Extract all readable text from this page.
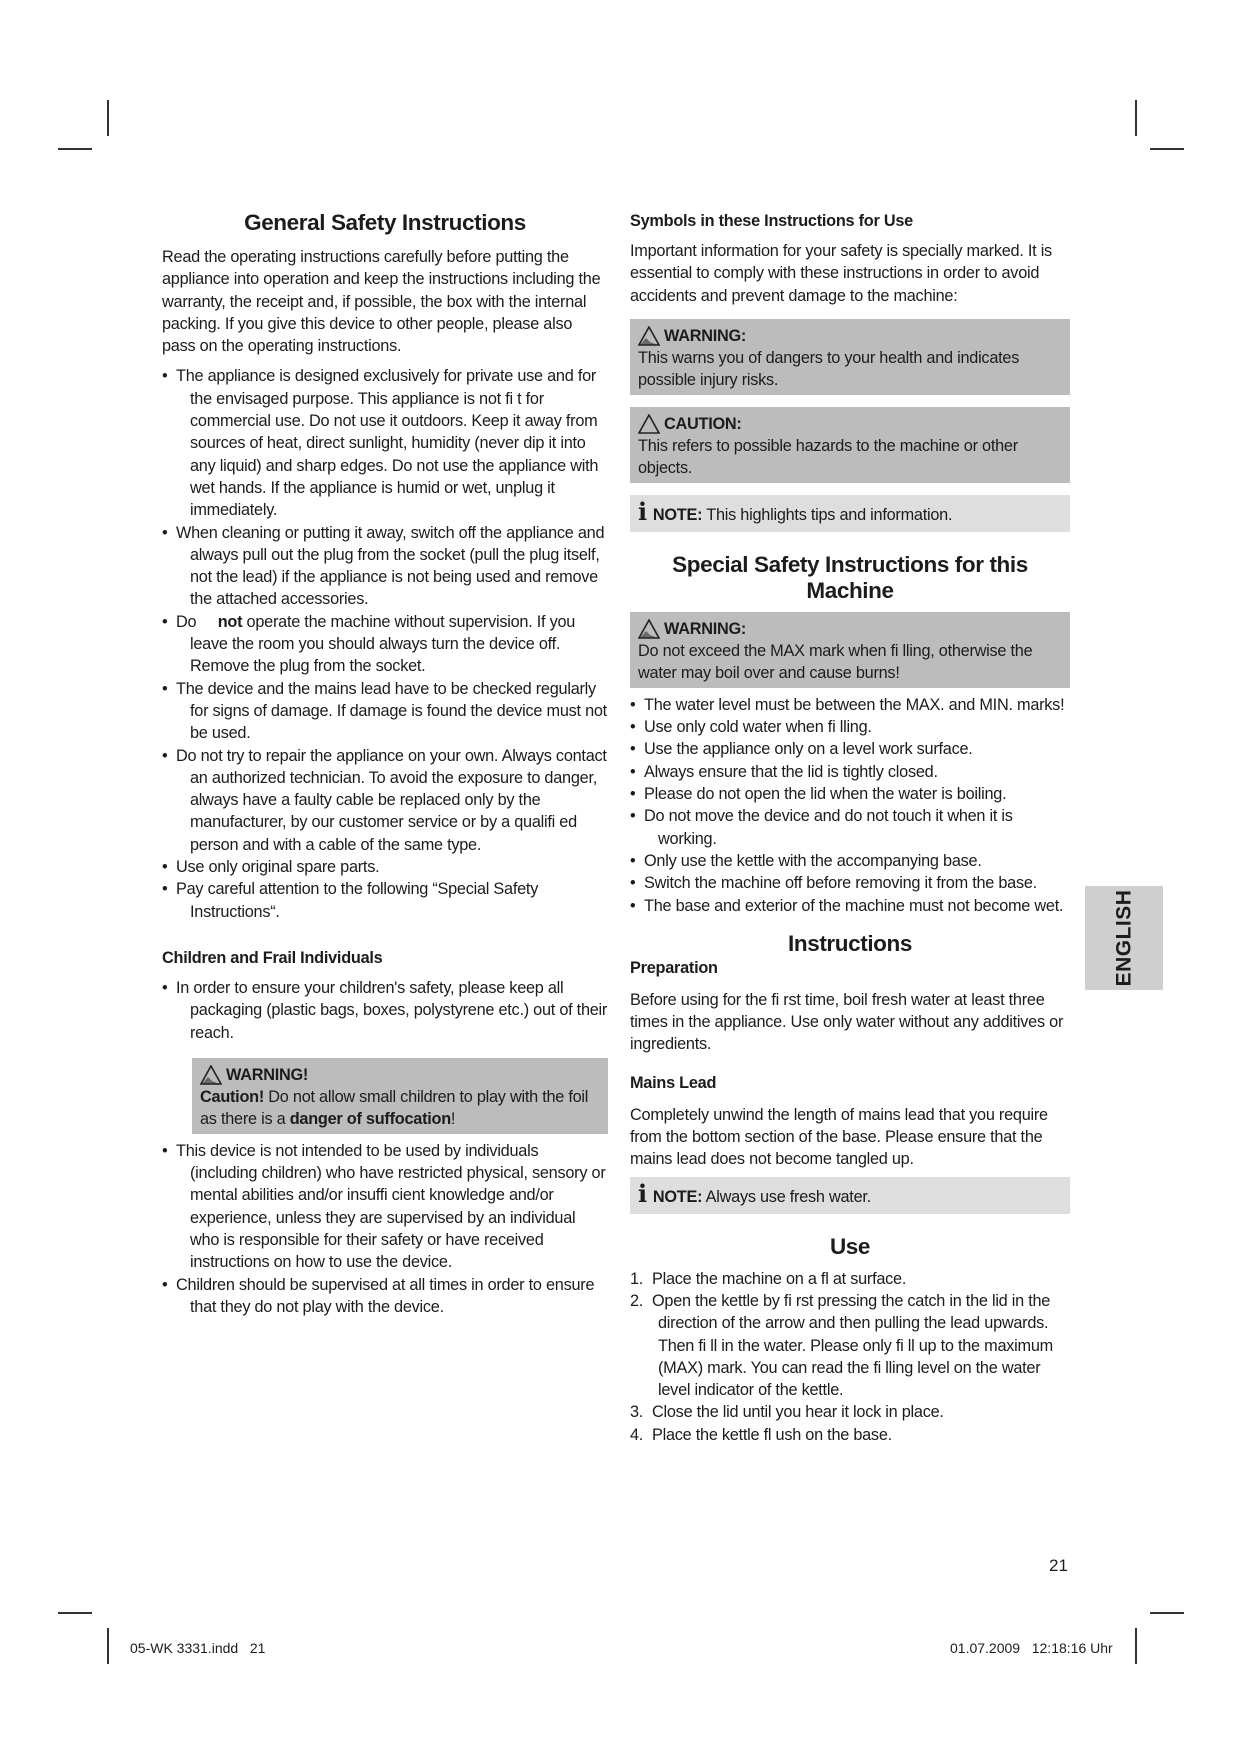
General Safety Instructions

Read the operating instructions carefully before putting the appliance into operation and keep the instructions including the warranty, the receipt and, if possible, the box with the internal packing. If you give this device to other people, please also pass on the operating instructions.

• The appliance is designed exclusively for private use and for the envisaged purpose. This appliance is not fi t for commercial use. Do not use it outdoors. Keep it away from sources of heat, direct sunlight, humidity (never dip it into any liquid) and sharp edges. Do not use the appliance with wet hands. If the appliance is humid or wet, unplug it immediately.
• When cleaning or putting it away, switch off the appliance and always pull out the plug from the socket (pull the plug itself, not the lead) if the appliance is not being used and remove the attached accessories.
• Do not operate the machine without supervision. If you leave the room you should always turn the device off. Remove the plug from the socket.
• The device and the mains lead have to be checked regularly for signs of damage. If damage is found the device must not be used.
• Do not try to repair the appliance on your own. Always contact an authorized technician. To avoid the exposure to danger, always have a faulty cable be replaced only by the manufacturer, by our customer service or by a qualifi ed person and with a cable of the same type.
• Use only original spare parts.
• Pay careful attention to the following “Special Safety Instructions“.
Children and Frail Individuals
• In order to ensure your children's safety, please keep all packaging (plastic bags, boxes, polystyrene etc.) out of their reach.
WARNING!
Caution! Do not allow small children to play with the foil as there is a danger of suffocation!
• This device is not intended to be used by individuals (including children) who have restricted physical, sensory or mental abilities and/or insuffi cient knowledge and/or experience, unless they are supervised by an individual who is responsible for their safety or have received instructions on how to use the device.
• Children should be supervised at all times in order to ensure that they do not play with the device.
Symbols in these Instructions for Use

Important information for your safety is specially marked. It is essential to comply with these instructions in order to avoid accidents and prevent damage to the machine:

WARNING:
This warns you of dangers to your health and indicates possible injury risks.
CAUTION:
This refers to possible hazards to the machine or other objects.
i NOTE: This highlights tips and information.
Special Safety Instructions for this Machine
WARNING:
Do not exceed the MAX mark when fi lling, otherwise the water may boil over and cause burns!
• The water level must be between the MAX. and MIN. marks!
• Use only cold water when fi lling.
• Use the appliance only on a level work surface.
• Always ensure that the lid is tightly closed.
• Please do not open the lid when the water is boiling.
• Do not move the device and do not touch it when it is working.
• Only use the kettle with the accompanying base.
• Switch the machine off before removing it from the base.
• The base and exterior of the machine must not become wet.
Instructions
Preparation

Before using for the fi rst time, boil fresh water at least three times in the appliance. Use only water without any additives or ingredients.

Mains Lead

Completely unwind the length of mains lead that you require from the bottom section of the base. Please ensure that the mains lead does not become tangled up.

i NOTE: Always use fresh water.
Use
1. Place the machine on a fl at surface.
2. Open the kettle by fi rst pressing the catch in the lid in the direction of the arrow and then pulling the lead upwards. Then fi ll in the water. Please only fi ll up to the maximum (MAX) mark. You can read the fi lling level on the water level indicator of the kettle.
3. Close the lid until you hear it lock in place.
4. Place the kettle fl ush on the base.
ENGLISH
21
05-WK 3331.indd   21	01.07.2009   12:18:16 Uhr
